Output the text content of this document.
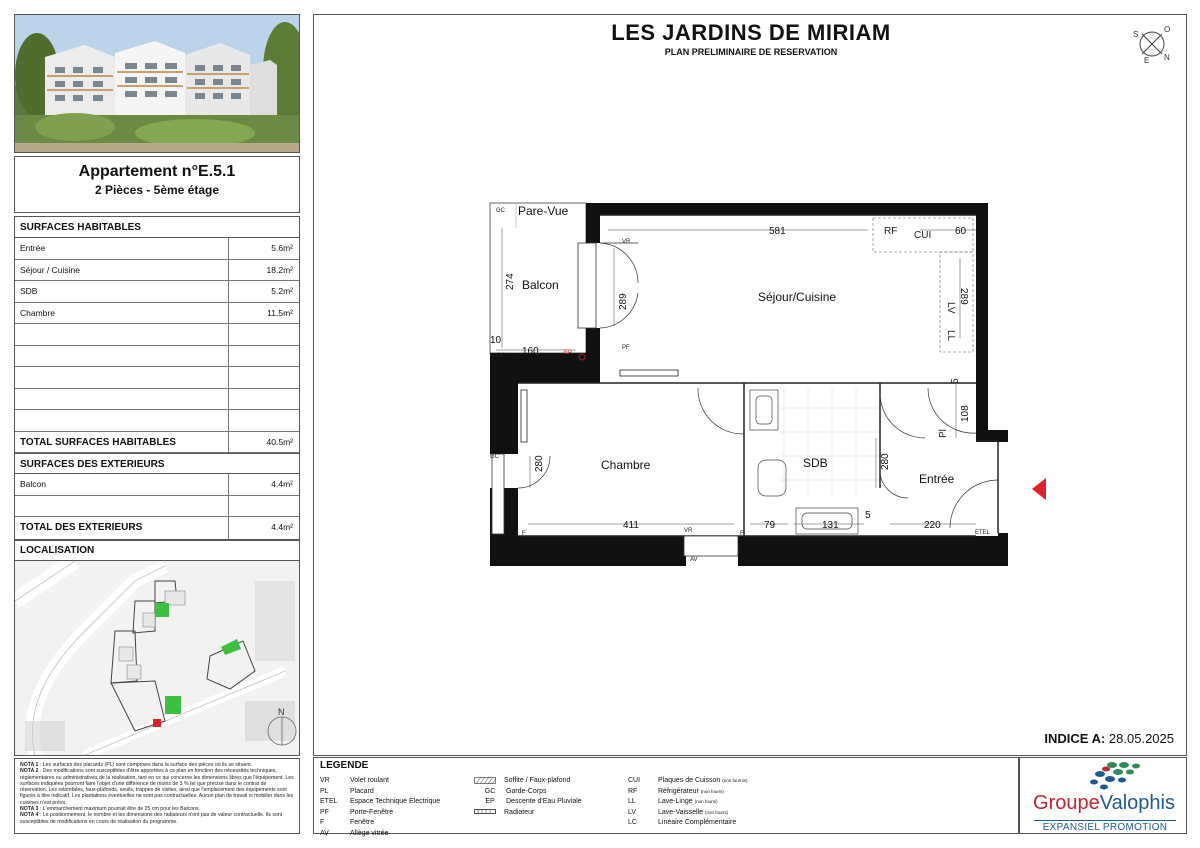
Appartement n°E.5.1
2 Pièces - 5ème étage
SURFACES HABITABLES
Entrée	5.6m²
Séjour / Cuisine	18.2m²
SDB	5.2m²
Chambre	11.5m²
TOTAL SURFACES HABITABLES	40.5m²
SURFACES DES EXTERIEURS
Balcon	4.4m²
TOTAL DES EXTERIEURS	4.4m²
LOCALISATION
N

NOTA 1 : Les surfaces des placards (PL) sont comprises dans la surface des pièces où ils se situent.

NOTA 2 : Des modifications sont susceptibles d'être apportées à ce plan en fonction des nécessités techniques, réglementaires ou administratives de la réalisation, tant en ce qui concerne les dimensions libres que l'équipement. Les surfaces indiquées pourront faire l'objet d'une différence de moins de 3 % tel que précisé dans le contrat de réservation. Les retombées, faux-plafonds, seuils, trappes de visites, ainsi que l'emplacement des équipements sont figurés à titre indicatif. Les plantations éventuelles ne sont pas contractuelles. Aucun plan de travail ni mobilier dans les cuisines n'est prévu.

NOTA 3 : L'emmarchement maximum pourrait être de 25 cm pour les Balcons.

NOTA 4 : Le positionnement, le nombre et les dimensions des radiateurs n'ont pas de valeur contractuelle. Ils sont susceptibles de modifications en cours de réalisation du programme.

LES JARDINS DE MIRIAM
PLAN PRELIMINAIRE DE RESERVATION
INDICE A: 28.05.2025
O
S
E N
Séjour/Cuisine
Balcon
Pare-Vue
Chambre	SDB
Entrée
581	60
274
289	289
160
10
5
108
280	280
411	79	131
5
220
GC
GC
GC
VR
VR
PF
F	F
EP
ETEL
AV
RF CUI
LV
LL
Pl
LEGENDE
VR	Volet roulant
PL	Placard
ETEL Espace Technique Electrique
PF	Porte-Fenêtre
F	Fenêtre
AV	Allège vitrée
Soffite / Faux-plafond
GC Garde-Corps
EP Descente d'Eau Pluviale
Radiateur
CUI	Plaques de Cuisson (non fournis)
RF	Réfrigérateur (non fourni)
LL	Lave-Linge (non fourni)
LV	Lave-Vaisselle (non fourni)
LC	Linéaire Complémentaire
GroupeValophis
EXPANSIEL PROMOTION
